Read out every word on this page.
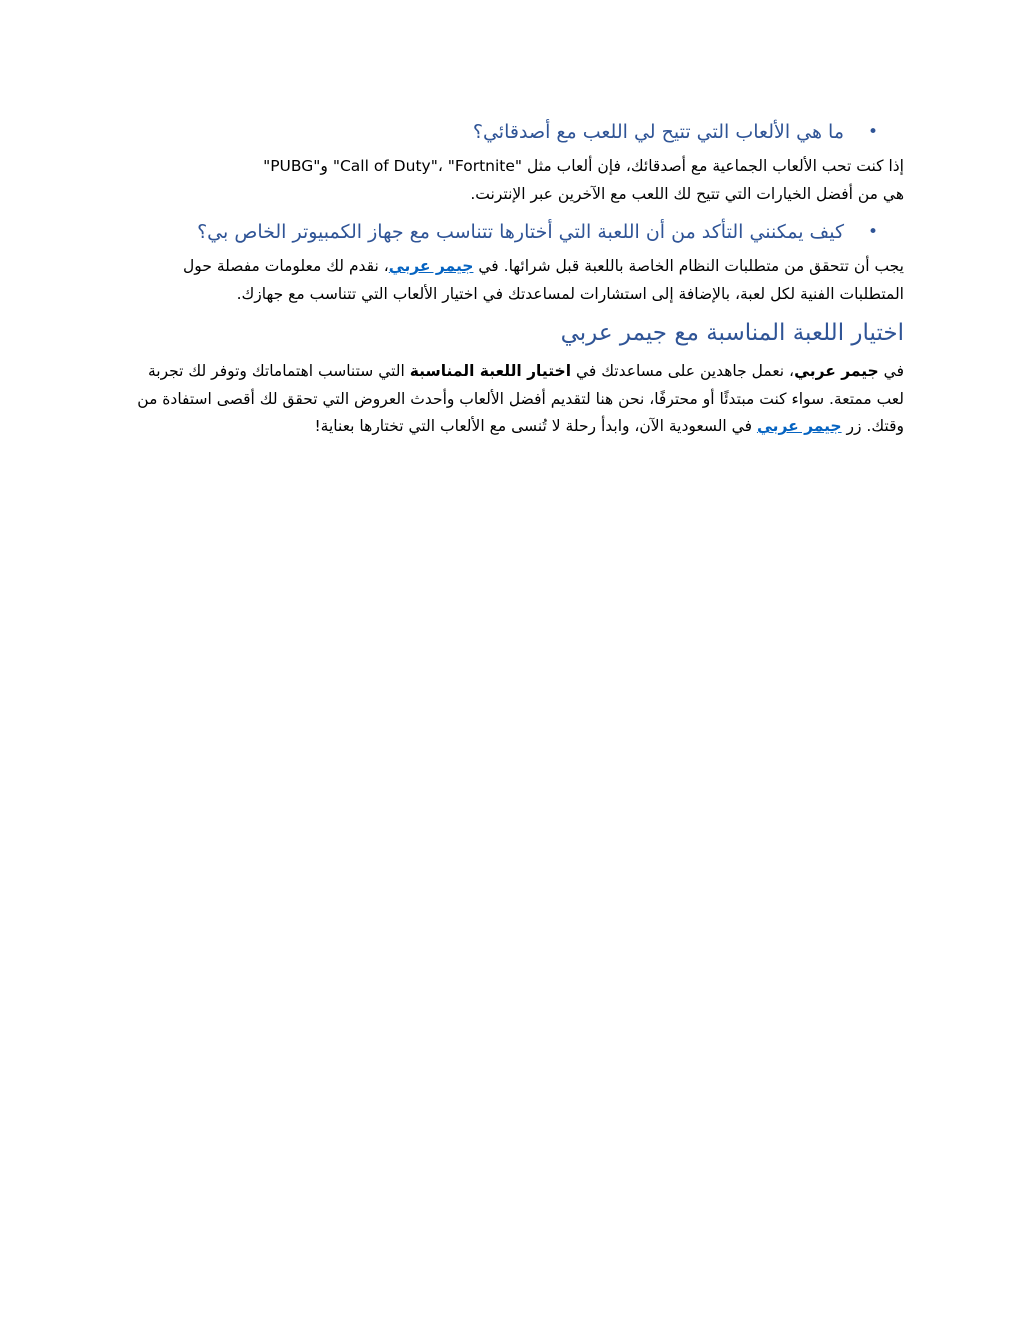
•
ما هي الألعاب التي تتيح لي اللعب مع أصدقائي؟

إذا كنت تحب الألعاب الجماعية مع أصدقائك، فإن ألعاب مثل "Call of Duty"، "Fortnite" و"PUBG"
هي من أفضل الخيارات التي تتيح لك اللعب مع الآخرين عبر الإنترنت.

•
كيف يمكنني التأكد من أن اللعبة التي أختارها تتناسب مع جهاز الكمبيوتر الخاص بي؟

يجب أن تتحقق من متطلبات النظام الخاصة باللعبة قبل شرائها. في جيمر عربي، نقدم لك معلومات مفصلة حول المتطلبات الفنية لكل لعبة، بالإضافة إلى استشارات لمساعدتك في اختيار الألعاب التي تتناسب مع جهازك.

اختيار اللعبة المناسبة مع جيمر عربي

في جيمر عربي، نعمل جاهدين على مساعدتك في اختيار اللعبة المناسبة التي ستناسب اهتماماتك وتوفر لك تجربة لعب ممتعة. سواء كنت مبتدئًا أو محترفًا، نحن هنا لتقديم أفضل الألعاب وأحدث العروض التي تحقق لك أقصى استفادة من وقتك. زر جيمر عربي في السعودية الآن، وابدأ رحلة لا تُنسى مع الألعاب التي تختارها بعناية!
